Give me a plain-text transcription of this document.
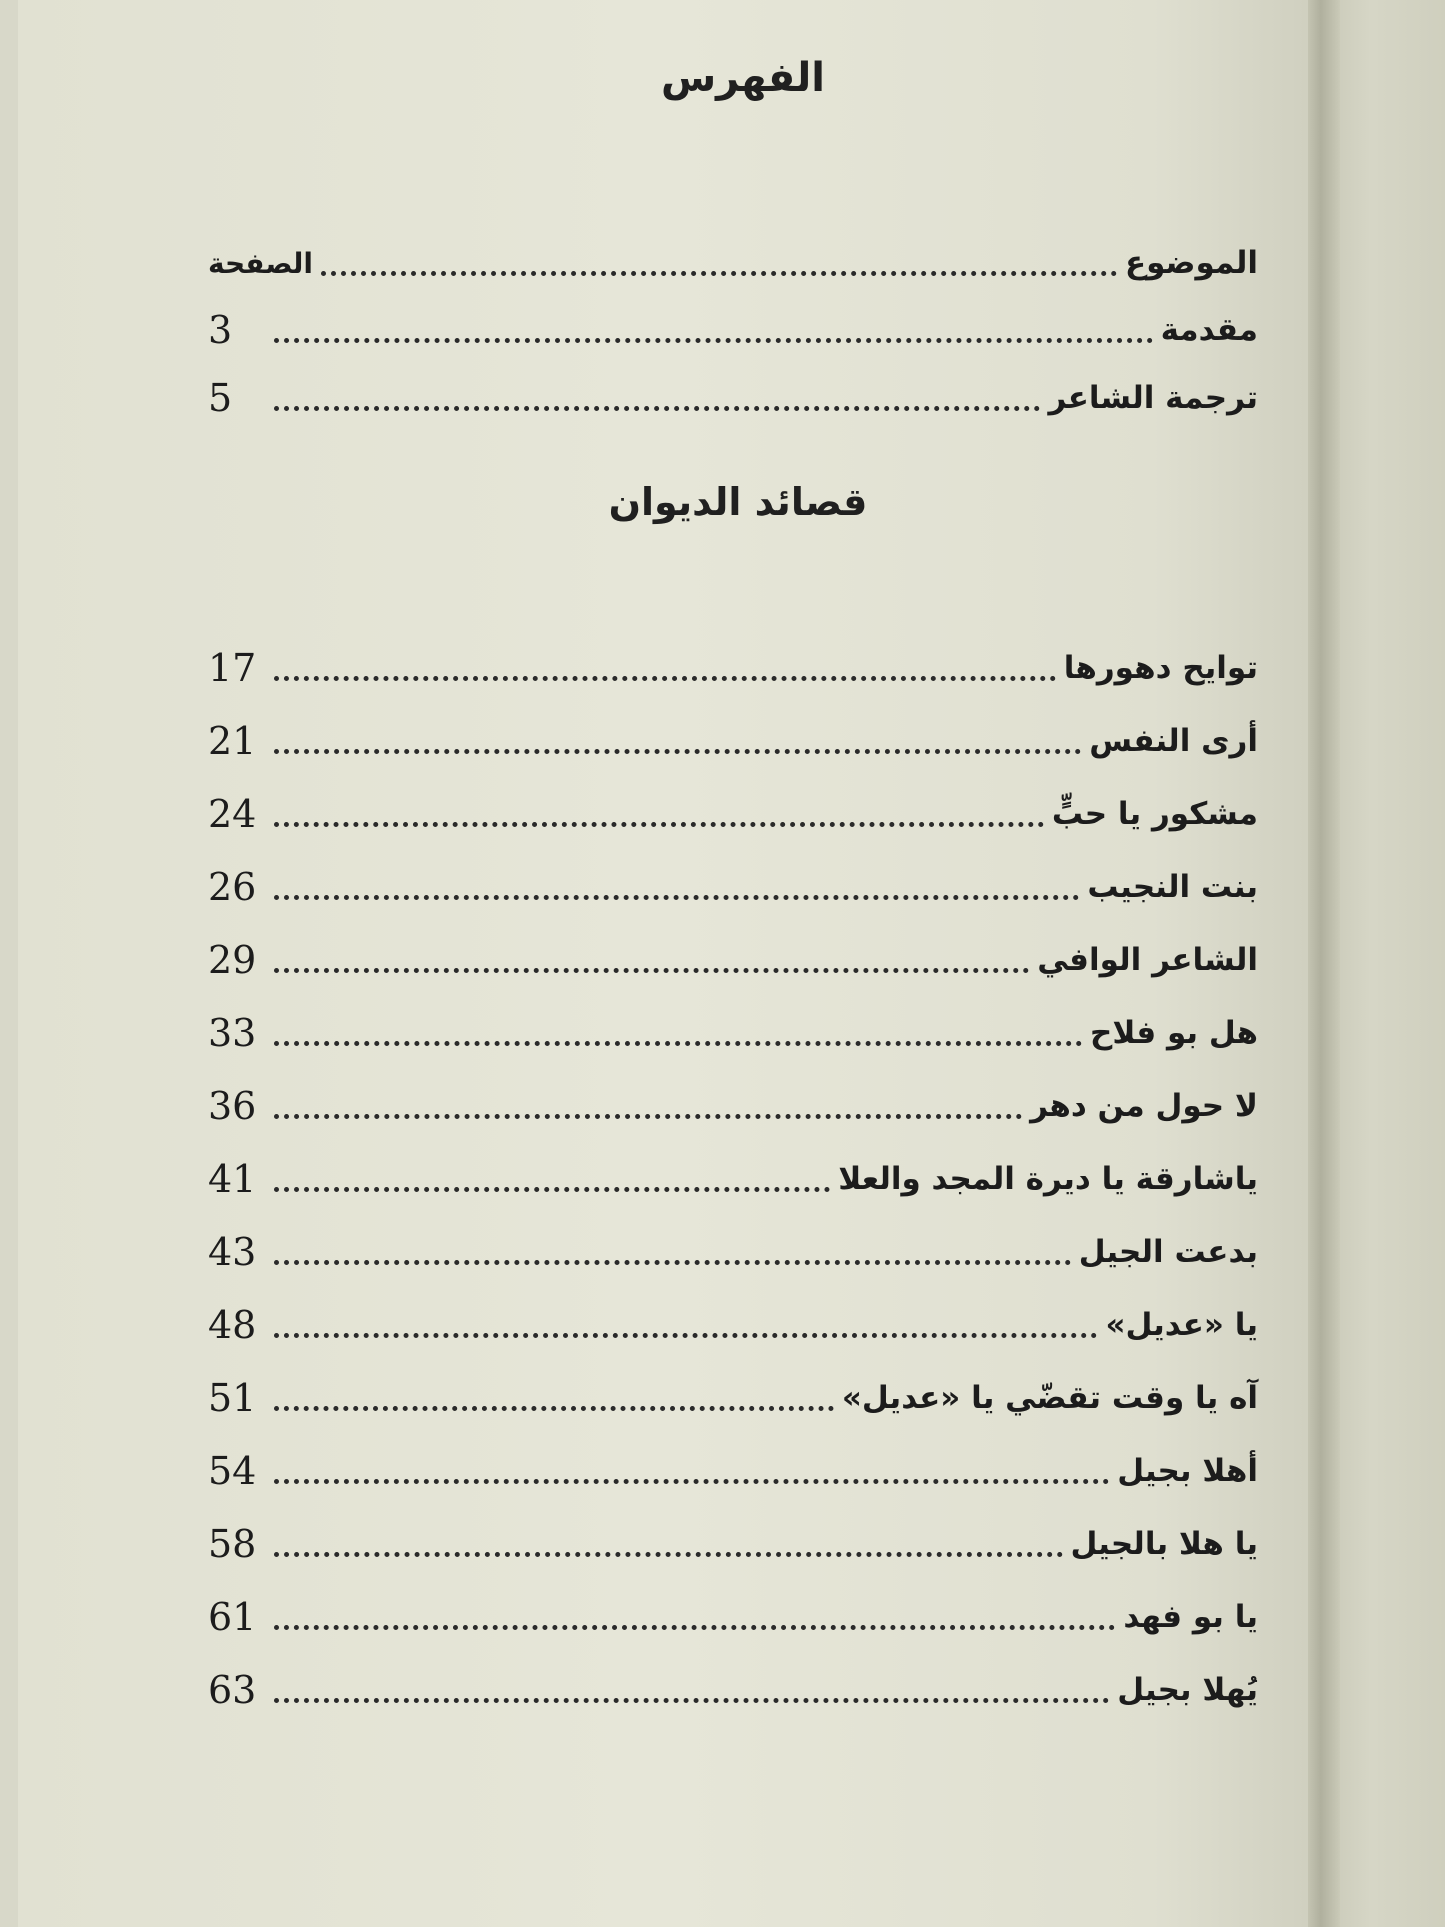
الفهرس
الموضوع
الصفحة
مقدمة
3
ترجمة الشاعر
5
قصائد الديوان
توايح دهورها
17
أرى النفس
21
مشكور يا حبٍّ
24
بنت النجيب
26
الشاعر الوافي
29
هل بو فلاح
33
لا حول من دهر
36
ياشارقة يا ديرة المجد والعلا
41
بدعت الجيل
43
يا «عديل»
48
آه يا وقت تقضّي يا «عديل»
51
أهلا بجيل
54
يا هلا بالجيل
58
يا بو فهد
61
يُهلا بجيل
63
